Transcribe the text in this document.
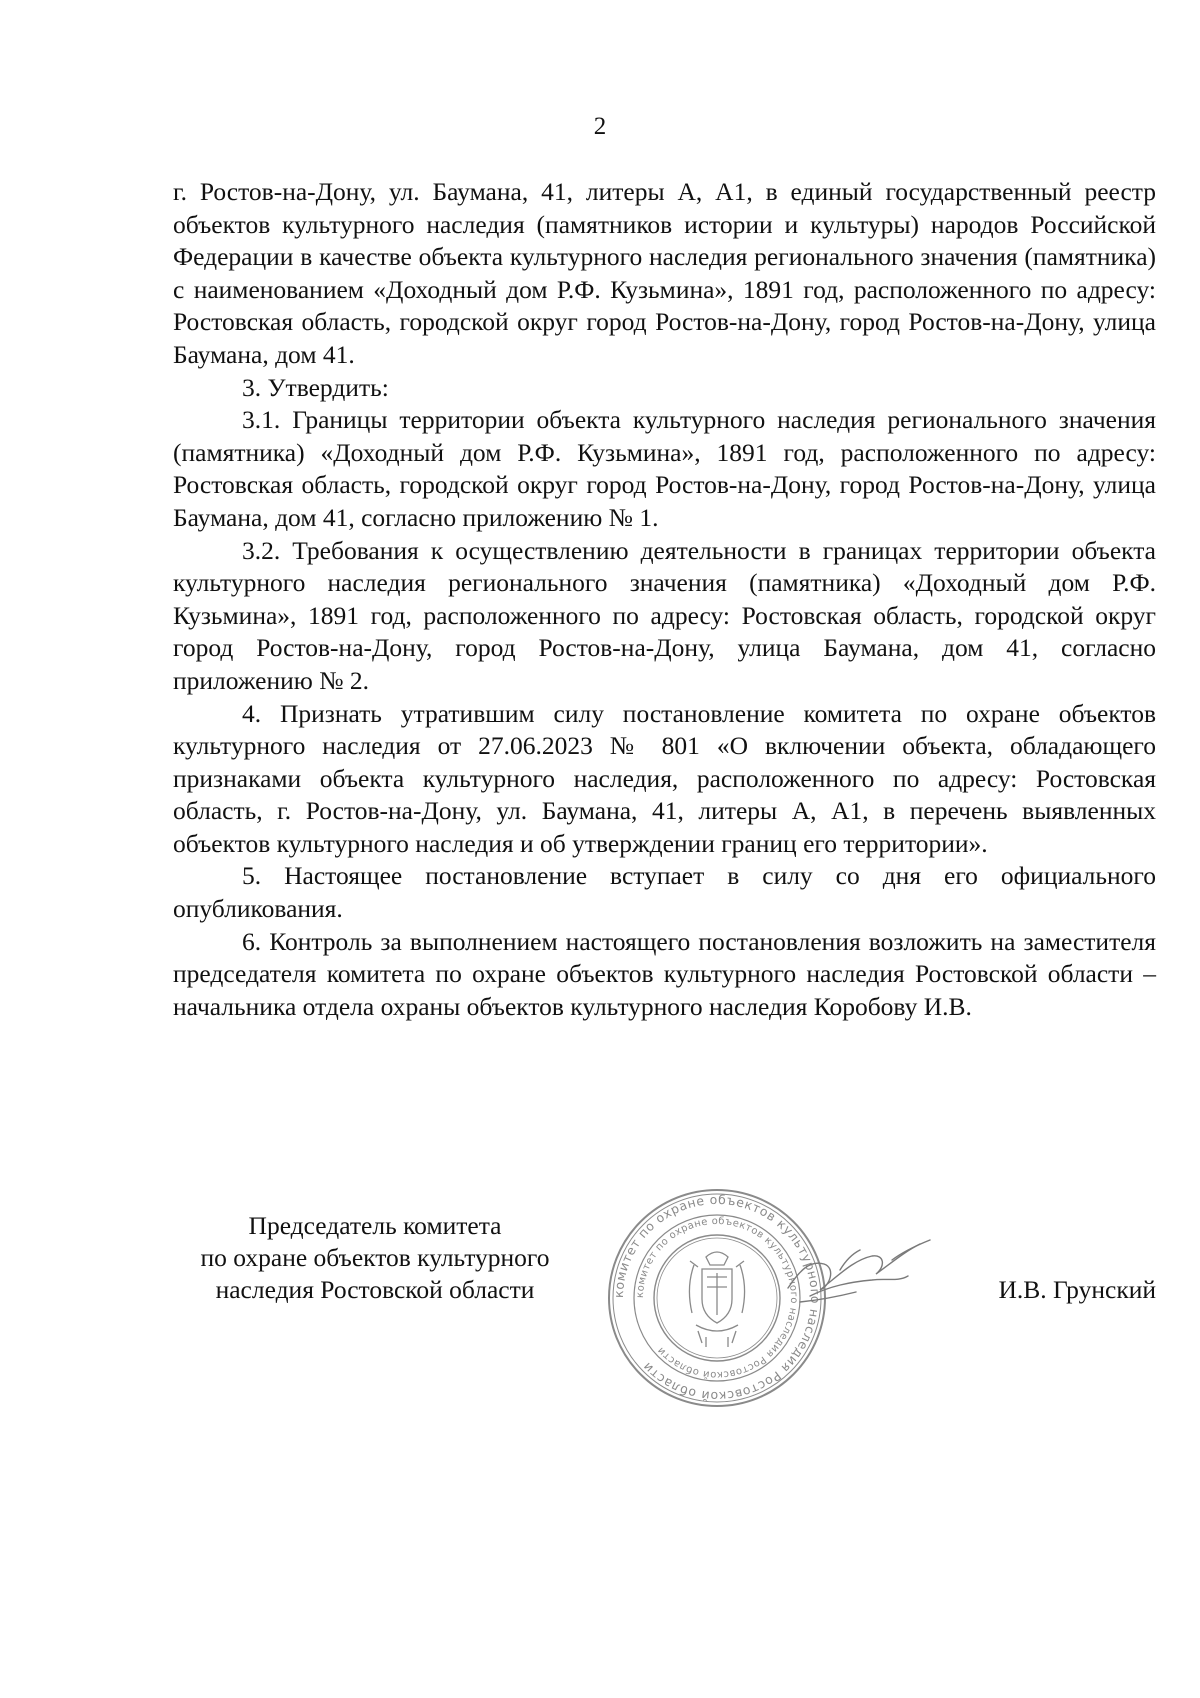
2

г. Ростов-на-Дону, ул. Баумана, 41, литеры А, А1, в единый государственный реестр объектов культурного наследия (памятников истории и культуры) народов Российской Федерации в качестве объекта культурного наследия регионального значения (памятника) с наименованием «Доходный дом Р.Ф. Кузьмина», 1891 год, расположенного по адресу: Ростовская область, городской округ город Ростов-на-Дону, город Ростов-на-Дону, улица Баумана, дом 41.

3. Утвердить:

3.1. Границы территории объекта культурного наследия регионального значения (памятника) «Доходный дом Р.Ф. Кузьмина», 1891 год, расположенного по адресу: Ростовская область, городской округ город Ростов-на-Дону, город Ростов-на-Дону, улица Баумана, дом 41, согласно приложению № 1.

3.2. Требования к осуществлению деятельности в границах территории объекта культурного наследия регионального значения (памятника) «Доходный дом Р.Ф. Кузьмина», 1891 год, расположенного по адресу: Ростовская область, городской округ город Ростов-на-Дону, город Ростов-на-Дону, улица Баумана, дом 41, согласно приложению № 2.

4. Признать утратившим силу постановление комитета по охране объектов культурного наследия от 27.06.2023 № 801 «О включении объекта, обладающего признаками объекта культурного наследия, расположенного по адресу: Ростовская область, г. Ростов-на-Дону, ул. Баумана, 41, литеры А, А1, в перечень выявленных объектов культурного наследия и об утверждении границ его территории».

5. Настоящее постановление вступает в силу со дня его официального опубликования.

6. Контроль за выполнением настоящего постановления возложить на заместителя председателя комитета по охране объектов культурного наследия Ростовской области – начальника отдела охраны объектов культурного наследия Коробову И.В.

Председатель комитета
по охране объектов культурного
наследия Ростовской области	И.В. Грунский
комитет по охране объектов культурного наследия Ростовской области
комитет по охране объектов культурного наследия Ростовской области
